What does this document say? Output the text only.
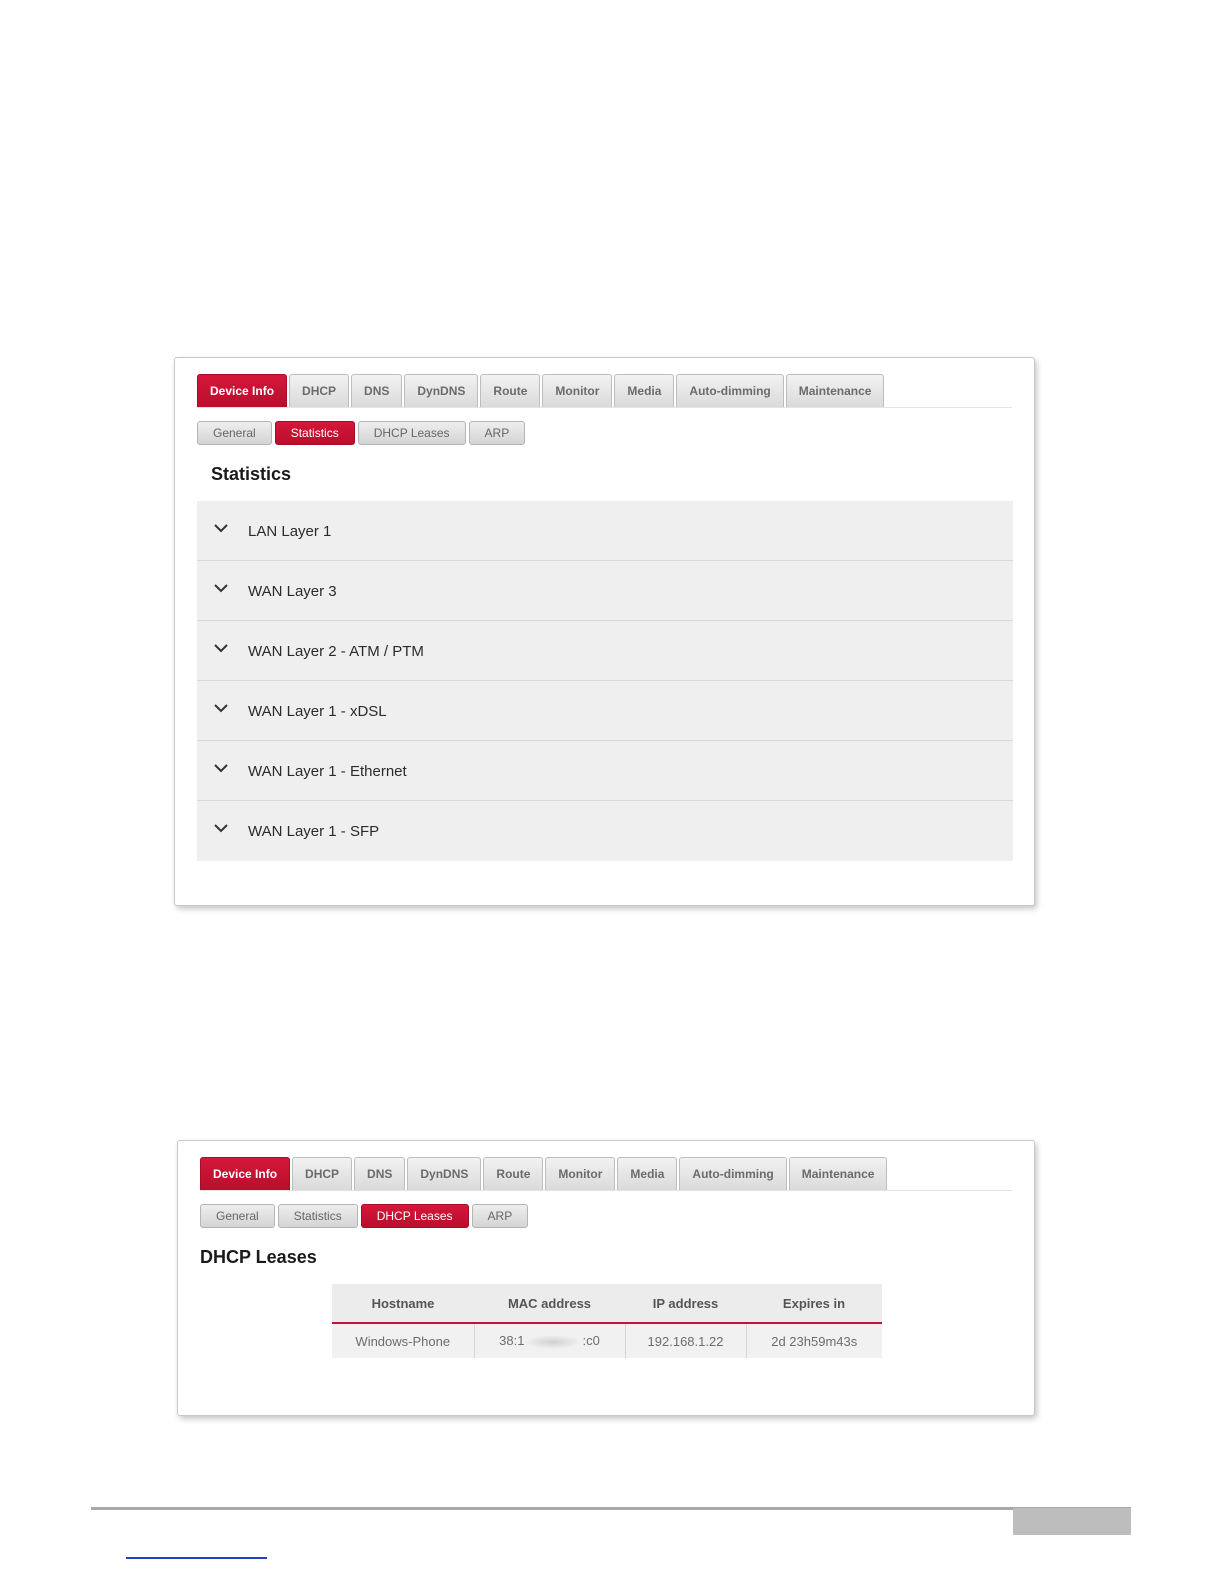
Device Info	DHCP	DNS	DynDNS	Route	Monitor	Media	Auto-dimming	Maintenance
General	Statistics	DHCP Leases	ARP
Statistics
LAN Layer 1
WAN Layer 3
WAN Layer 2 - ATM / PTM
WAN Layer 1 - xDSL
WAN Layer 1 - Ethernet
WAN Layer 1 - SFP
Device Info	DHCP	DNS	DynDNS	Route	Monitor	Media	Auto-dimming	Maintenance
General	Statistics	DHCP Leases	ARP
DHCP Leases
Hostname	MAC address	IP address	Expires in
Windows-Phone	38:1 :c0	192.168.1.22	2d 23h59m43s
